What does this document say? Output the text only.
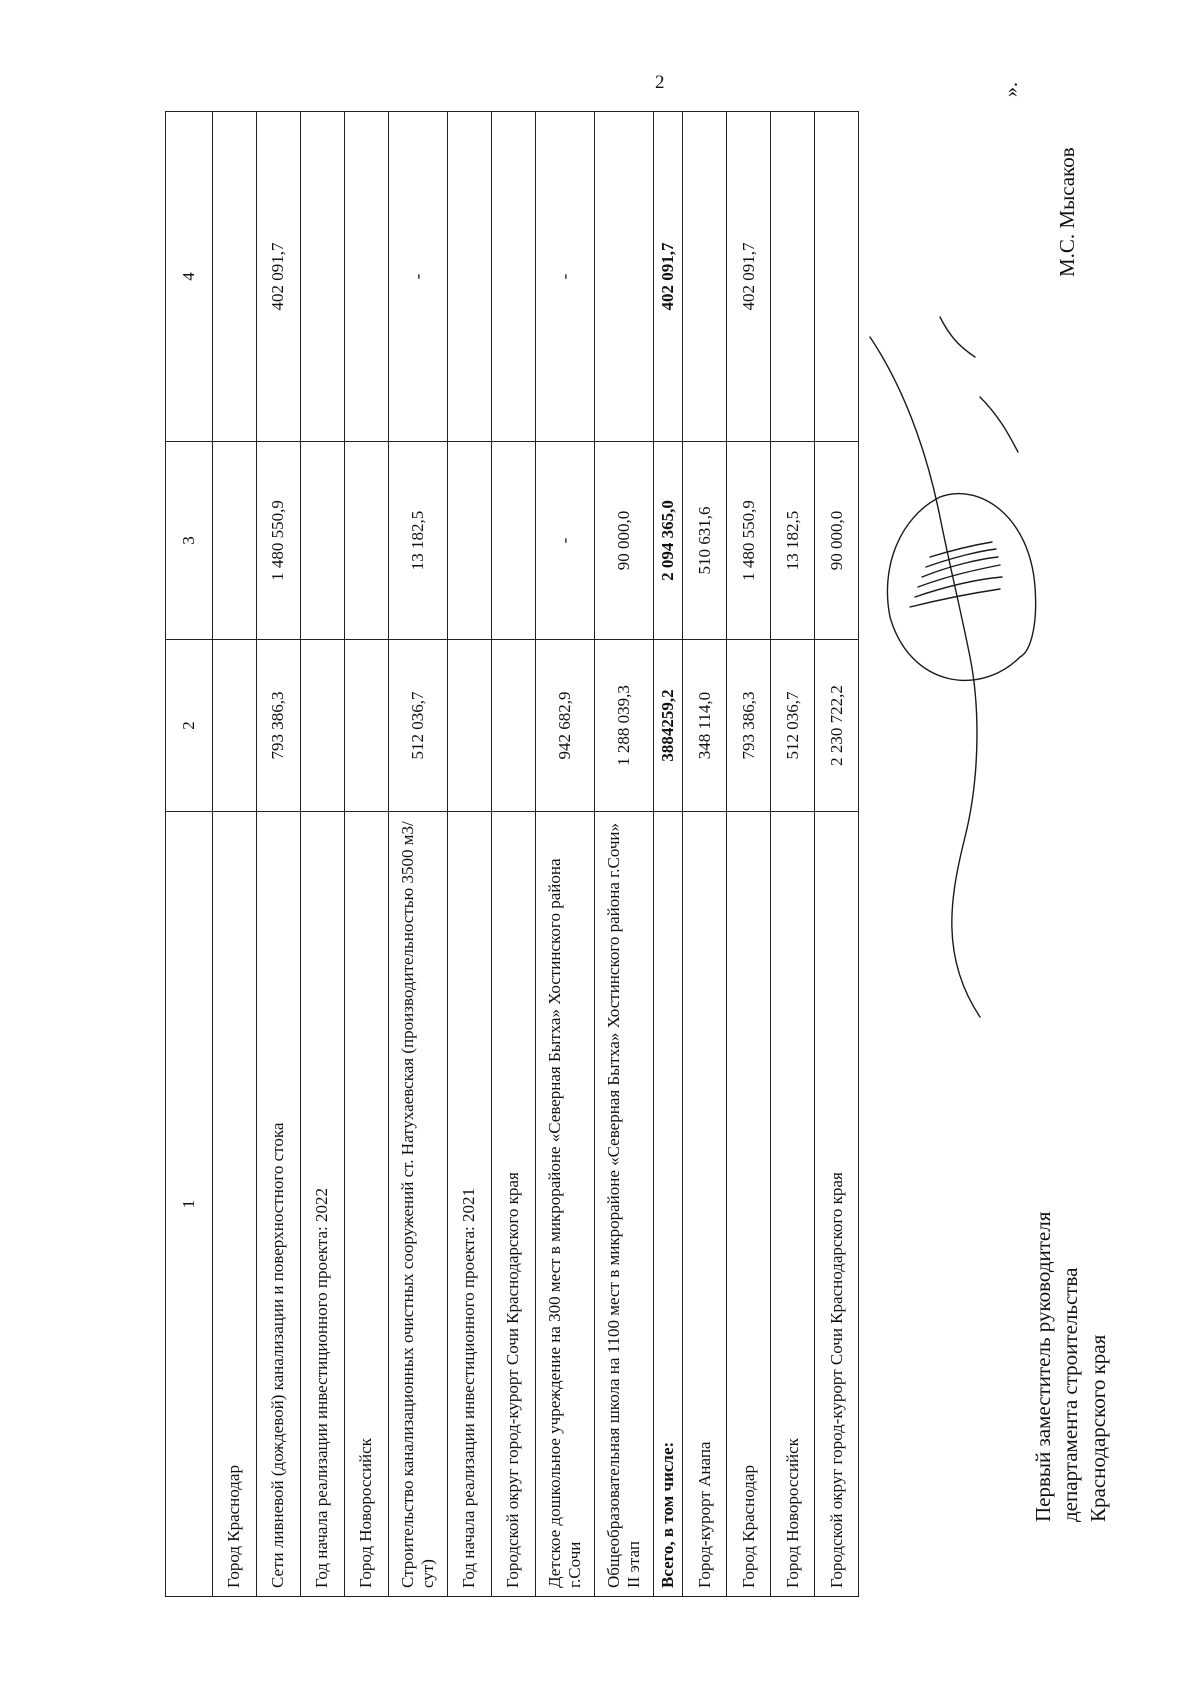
2
1	2	3	4
Город Краснодар			
Сети ливневой (дождевой) канализации и поверхностного стока	793 386,3	1 480 550,9	402 091,7
Год начала реализации инвестиционного проекта: 2022			
Город Новороссийск			
Строительство канализационных очистных сооружений ст. Натухаевская (производительностью 3500 м3/сут)	512 036,7	13 182,5	-
Год начала реализации инвестиционного проекта: 2021			
Городской округ город-курорт Сочи Краснодарского края			
Детское дошкольное учреждение на 300 мест в микрорайоне «Северная Бытха» Хостинского района г.Сочи	942 682,9	-	-
Общеобразовательная школа на 1100 мест в микрорайоне «Северная Бытха» Хостинского района г.Сочи» II этап	1 288 039,3	90 000,0	
Всего, в том числе:	3884259,2	2 094 365,0	402 091,7
Город-курорт Анапа	348 114,0	510 631,6	
Город Краснодар	793 386,3	1 480 550,9	402 091,7
Город Новороссийск	512 036,7	13 182,5	
Городской округ город-курорт Сочи Краснодарского края	2 230 722,2	90 000,0	
».
Первый заместитель руководителя департамента строительства Краснодарского края
М.С. Мысаков
